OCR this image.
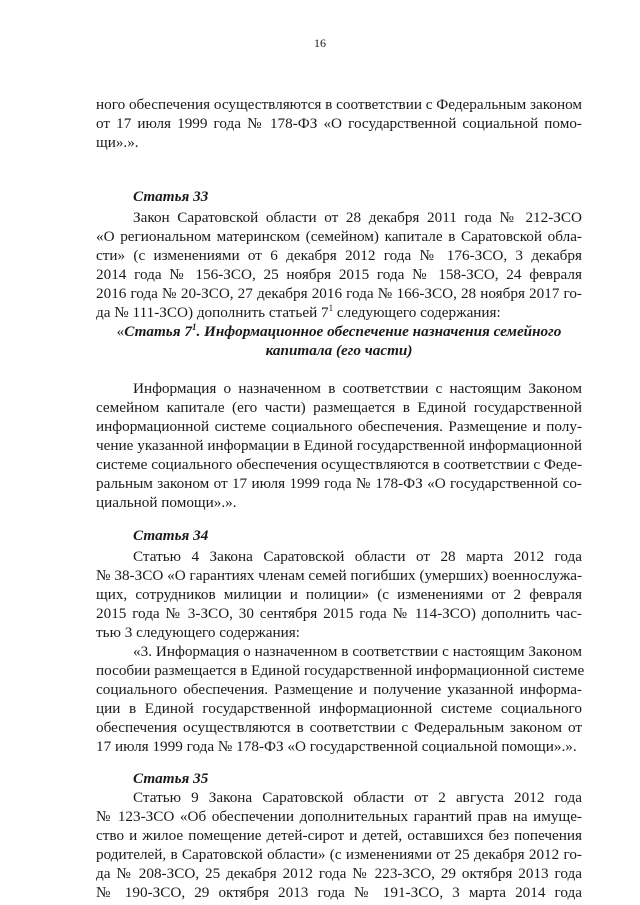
16
ного обеспечения осуществляются в соответствии с Федеральным законом
от 17 июля 1999 года № 178-ФЗ «О государственной социальной помо-
щи».».
Статья 33
Закон Саратовской области от 28 декабря 2011 года № 212-ЗСО
«О региональном материнском (семейном) капитале в Саратовской обла-
сти» (с изменениями от 6 декабря 2012 года № 176-ЗСО, 3 декабря
2014 года № 156-ЗСО, 25 ноября 2015 года № 158-ЗСО, 24 февраля
2016 года № 20-ЗСО, 27 декабря 2016 года № 166-ЗСО, 28 ноября 2017 го-
да № 111-ЗСО) дополнить статьей $7^1$ следующего содержания:
«Статья $7^1$. Информационное обеспечение назначения семейного
капитала (его части)
Информация о назначенном в соответствии с настоящим Законом
семейном капитале (его части) размещается в Единой государственной
информационной системе социального обеспечения. Размещение и полу-
чение указанной информации в Единой государственной информационной
системе социального обеспечения осуществляются в соответствии с Феде-
ральным законом от 17 июля 1999 года № 178-ФЗ «О государственной со-
циальной помощи».».
Статья 34
Статью 4 Закона Саратовской области от 28 марта 2012 года
№ 38-ЗСО «О гарантиях членам семей погибших (умерших) военнослужа-
щих, сотрудников милиции и полиции» (с изменениями от 2 февраля
2015 года № 3-ЗСО, 30 сентября 2015 года № 114-ЗСО) дополнить час-
тью 3 следующего содержания:
«3. Информация о назначенном в соответствии с настоящим Законом
пособии размещается в Единой государственной информационной системе
социального обеспечения. Размещение и получение указанной информа-
ции в Единой государственной информационной системе социального
обеспечения осуществляются в соответствии с Федеральным законом от
17 июля 1999 года № 178-ФЗ «О государственной социальной помощи».».
Статья 35
Статью 9 Закона Саратовской области от 2 августа 2012 года
№ 123-ЗСО «Об обеспечении дополнительных гарантий прав на имуще-
ство и жилое помещение детей-сирот и детей, оставшихся без попечения
родителей, в Саратовской области» (с изменениями от 25 декабря 2012 го-
да № 208-ЗСО, 25 декабря 2012 года № 223-ЗСО, 29 октября 2013 года
№ 190-ЗСО, 29 октября 2013 года № 191-ЗСО, 3 марта 2014 года
